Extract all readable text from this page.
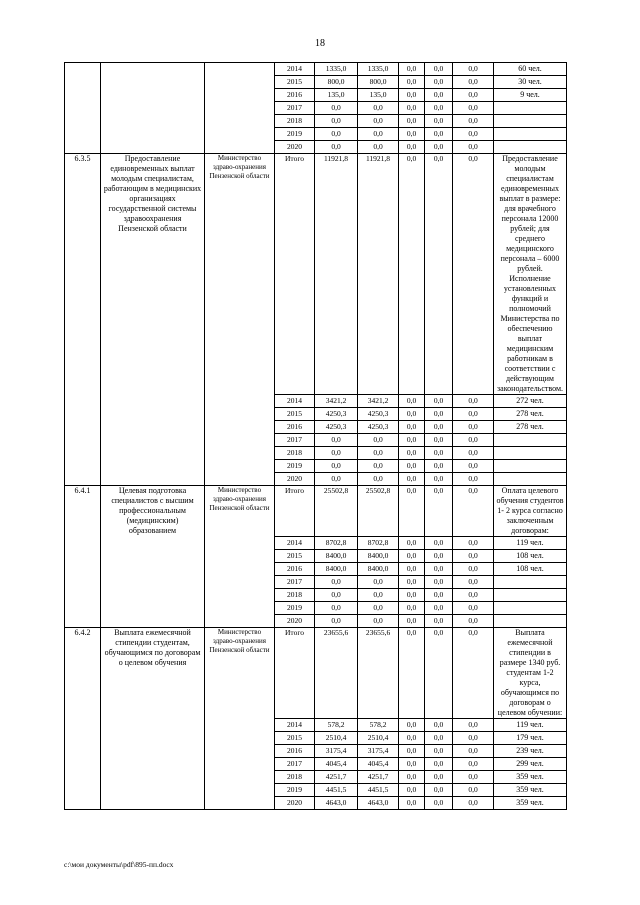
18
			2014	1335,0	1335,0	0,0	0,0	0,0	60 чел.
			2015	800,0	800,0	0,0	0,0	0,0	30 чел.
			2016	135,0	135,0	0,0	0,0	0,0	9 чел.
			2017	0,0	0,0	0,0	0,0	0,0	
			2018	0,0	0,0	0,0	0,0	0,0	
			2019	0,0	0,0	0,0	0,0	0,0	
			2020	0,0	0,0	0,0	0,0	0,0	
6.3.5	Предоставление единовременных выплат молодым специалистам, работающим в медицинских организациях государственной системы здравоохранения Пензенской области	Министерство здраво-охранения Пензенской области	Итого	11921,8	11921,8	0,0	0,0	0,0	Предоставление молодым специалистам единовременных выплат в размере: для врачебного персонала 12000 рублей; для среднего медицинского персонала – 6000 рублей. Исполнение установленных функций и полномочий Министерства по обеспечению выплат медицинским работникам в соответствии с действующим законодательством.
			2014	3421,2	3421,2	0,0	0,0	0,0	272 чел.
			2015	4250,3	4250,3	0,0	0,0	0,0	278 чел.
			2016	4250,3	4250,3	0,0	0,0	0,0	278 чел.
			2017	0,0	0,0	0,0	0,0	0,0	
			2018	0,0	0,0	0,0	0,0	0,0	
			2019	0,0	0,0	0,0	0,0	0,0	
			2020	0,0	0,0	0,0	0,0	0,0	
6.4.1	Целевая подготовка специалистов с высшим профессиональным (медицинским) образованием	Министерство здраво-охранения Пензенской области	Итого	25502,8	25502,8	0,0	0,0	0,0	Оплата целевого обучения студентов 1- 2 курса согласно заключенным договорам:
			2014	8702,8	8702,8	0,0	0,0	0,0	119 чел.
			2015	8400,0	8400,0	0,0	0,0	0,0	108 чел.
			2016	8400,0	8400,0	0,0	0,0	0,0	108 чел.
			2017	0,0	0,0	0,0	0,0	0,0	
			2018	0,0	0,0	0,0	0,0	0,0	
			2019	0,0	0,0	0,0	0,0	0,0	
			2020	0,0	0,0	0,0	0,0	0,0	
6.4.2	Выплата ежемесячной стипендии студентам, обучающимся по договорам о целевом обучения	Министерство здраво-охранения Пензенской области	Итого	23655,6	23655,6	0,0	0,0	0,0	Выплата ежемесячной стипендии в размере 1340 руб. студентам 1-2 курса, обучающимся по договорам о целевом обучении:
			2014	578,2	578,2	0,0	0,0	0,0	119 чел.
			2015	2510,4	2510,4	0,0	0,0	0,0	179 чел.
			2016	3175,4	3175,4	0,0	0,0	0,0	239 чел.
			2017	4045,4	4045,4	0,0	0,0	0,0	299 чел.
			2018	4251,7	4251,7	0,0	0,0	0,0	359 чел.
			2019	4451,5	4451,5	0,0	0,0	0,0	359 чел.
			2020	4643,0	4643,0	0,0	0,0	0,0	359 чел.
c:\мои документы\pdf\895-пп.docx
